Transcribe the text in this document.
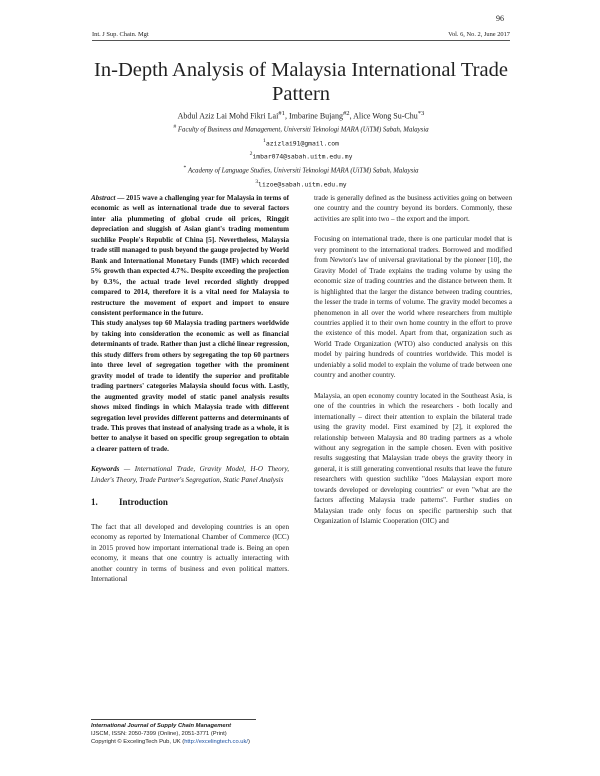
96
Int. J Sup. Chain. Mgt	Vol. 6, No. 2, June 2017
In-Depth Analysis of Malaysia International Trade Pattern
Abdul Aziz Lai Mohd Fikri Lai$^{\#1}$, Imbarine Bujang$^{\#2}$, Alice Wong Su-Chu$^{*3}$
# Faculty of Business and Management, Universiti Teknologi MARA (UiTM) Sabah, Malaysia
$^1$azizlai91@gmail.com
$^2$imbar074@sabah.uitm.edu.my
* Academy of Language Studies, Universiti Teknologi MARA (UiTM) Sabah, Malaysia
$^3$lizoe@sabah.uitm.edu.my

Abstract — 2015 wave a challenging year for Malaysia in terms of economic as well as international trade due to several factors inter alia plummeting of global crude oil prices, Ringgit depreciation and sluggish of Asian giant's trading momentum suchlike People's Republic of China [5]. Nevertheless, Malaysia trade still managed to push beyond the gauge projected by World Bank and International Monetary Funds (IMF) which recorded 5% growth than expected 4.7%. Despite exceeding the projection by 0.3%, the actual trade level recorded slightly dropped compared to 2014, therefore it is a vital need for Malaysia to restructure the movement of export and import to ensure consistent performance in the future.

This study analyses top 60 Malaysia trading partners worldwide by taking into consideration the economic as well as financial determinants of trade. Rather than just a cliché linear regression, this study differs from others by segregating the top 60 partners into three level of segregation together with the prominent gravity model of trade to identify the superior and profitable trading partners' categories Malaysia should focus with. Lastly, the augmented gravity model of static panel analysis results shows mixed findings in which Malaysia trade with different segregation level provides different patterns and determinants of trade. This proves that instead of analysing trade as a whole, it is better to analyse it based on specific group segregation to obtain a clearer pattern of trade.

Keywords — International Trade, Gravity Model, H-O Theory, Linder's Theory, Trade Partner's Segregation, Static Panel Analysis

1. Introduction

The fact that all developed and developing countries is an open economy as reported by International Chamber of Commerce (ICC) in 2015 proved how important international trade is. Being an open economy, it means that one country is actually interacting with another country in terms of business and even political matters. International

trade is generally defined as the business activities going on between one country and the country beyond its borders. Commonly, these activities are split into two – the export and the import.

Focusing on international trade, there is one particular model that is very prominent to the international traders. Borrowed and modified from Newton's law of universal gravitational by the pioneer [10], the Gravity Model of Trade explains the trading volume by using the economic size of trading countries and the distance between them. It is highlighted that the larger the distance between trading countries, the lesser the trade in terms of volume. The gravity model becomes a phenomenon in all over the world where researchers from multiple countries applied it to their own home country in the effort to prove the existence of this model. Apart from that, organization such as World Trade Organization (WTO) also conducted analysis on this model by pairing hundreds of countries worldwide. This model is undeniably a solid model to explain the volume of trade between one country and another country.

Malaysia, an open economy country located in the Southeast Asia, is one of the countries in which the researchers - both locally and internationally – direct their attention to explain the bilateral trade using the gravity model. First examined by [2], it explored the relationship between Malaysia and 80 trading partners as a whole without any segregation in the sample chosen. Even with positive results suggesting that Malaysian trade obeys the gravity theory in general, it is still generating conventional results that leave the future researchers with question suchlike "does Malaysian export more towards developed or developing countries" or even "what are the factors affecting Malaysia trade patterns". Further studies on Malaysian trade only focus on specific partnership such that Organization of Islamic Cooperation (OIC) and

International Journal of Supply Chain Management
IJSCM, ISSN: 2050-7399 (Online), 2051-3771 (Print)
Copyright © ExcelingTech Pub, UK (http://excelingtech.co.uk/)
